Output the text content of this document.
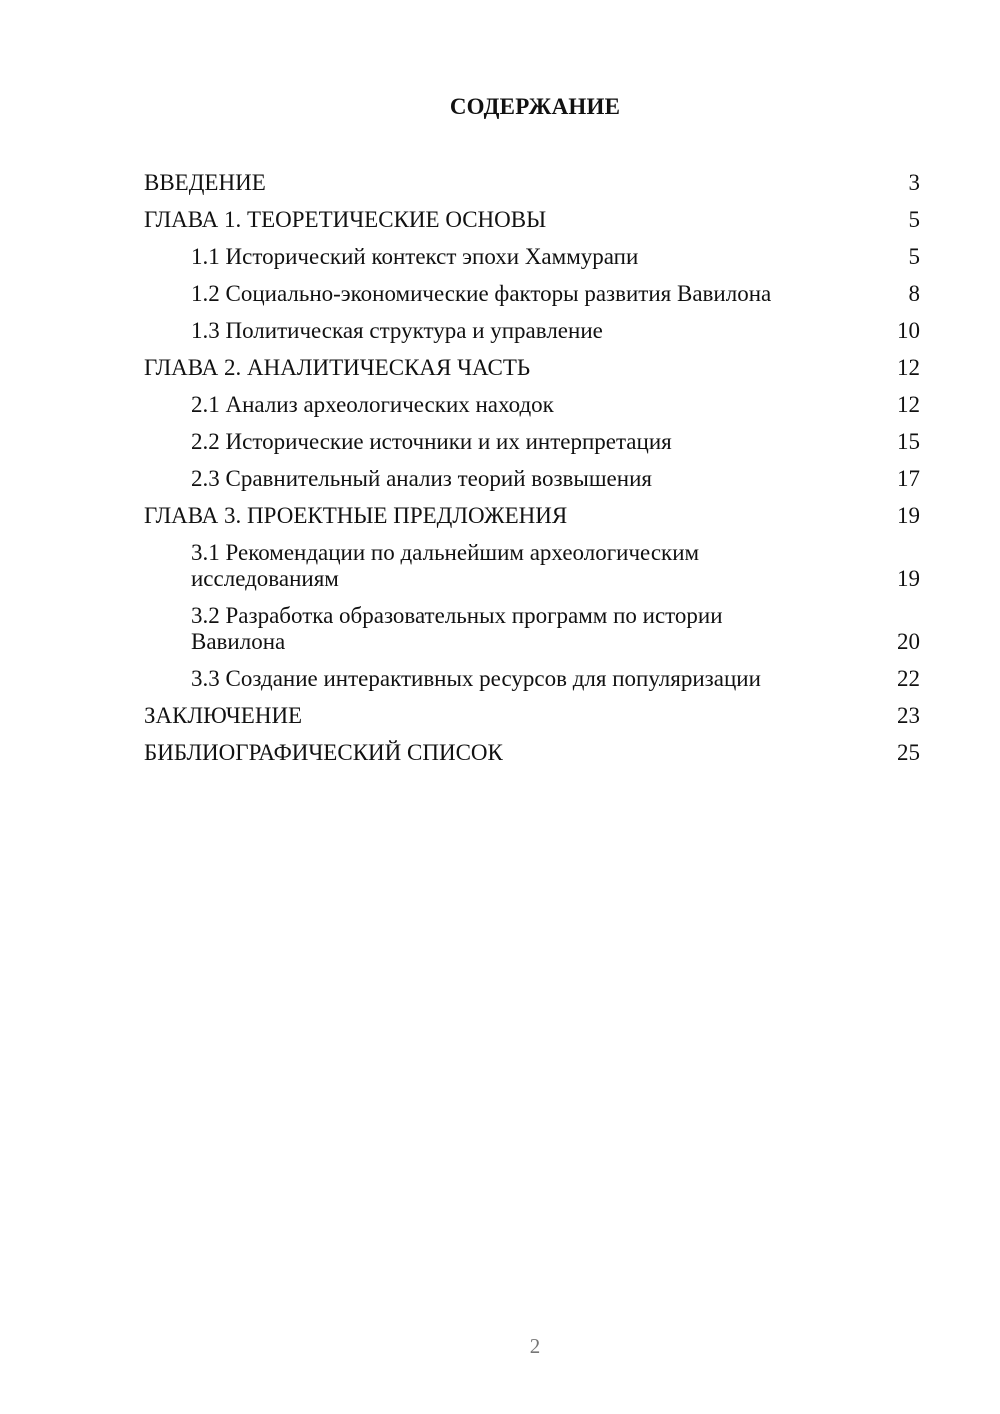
СОДЕРЖАНИЕ
ВВЕДЕНИЕ	3
ГЛАВА 1. ТЕОРЕТИЧЕСКИЕ ОСНОВЫ	5
1.1 Исторический контекст эпохи Хаммурапи	5
1.2 Социально-экономические факторы развития Вавилона	8
1.3 Политическая структура и управление	10
ГЛАВА 2. АНАЛИТИЧЕСКАЯ ЧАСТЬ	12
2.1 Анализ археологических находок	12
2.2 Исторические источники и их интерпретация	15
2.3 Сравнительный анализ теорий возвышения	17
ГЛАВА 3. ПРОЕКТНЫЕ ПРЕДЛОЖЕНИЯ	19
3.1 Рекомендации по дальнейшим археологическим исследованиям	19
3.2 Разработка образовательных программ по истории Вавилона	20
3.3 Создание интерактивных ресурсов для популяризации	22
ЗАКЛЮЧЕНИЕ	23
БИБЛИОГРАФИЧЕСКИЙ СПИСОК	25
2
